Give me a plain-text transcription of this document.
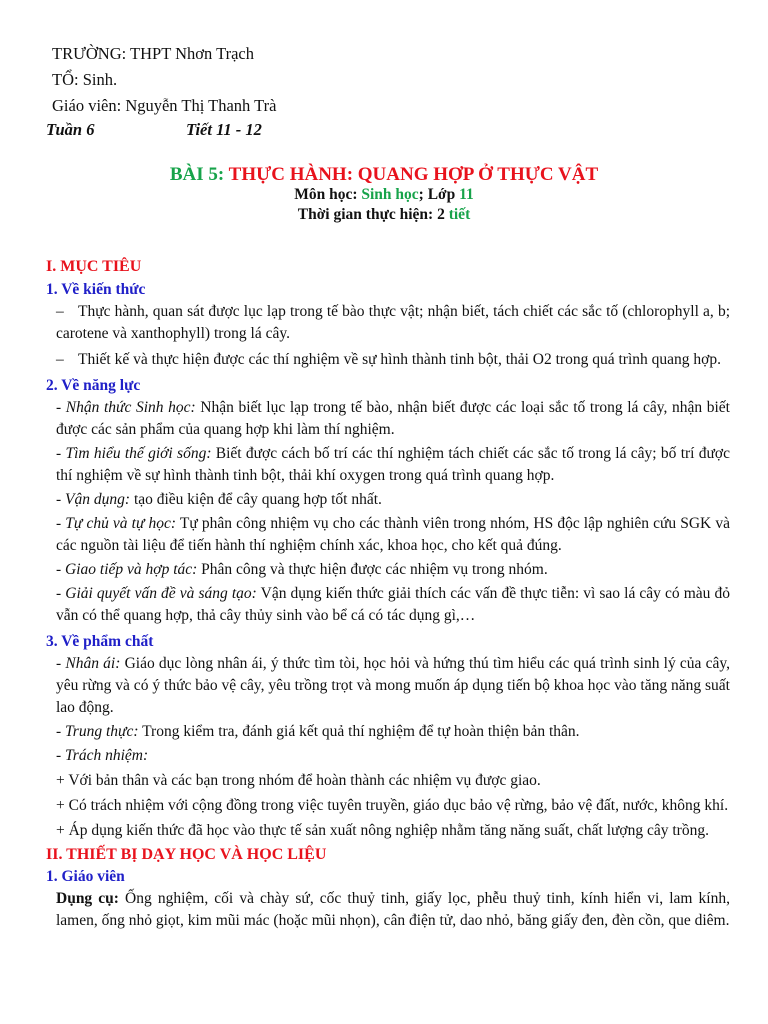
TRƯỜNG: THPT Nhơn Trạch
TỔ: Sinh.
Giáo viên: Nguyễn Thị Thanh Trà
Tuần 6	Tiết 11 - 12
BÀI 5: THỰC HÀNH: QUANG HỢP Ở THỰC VẬT
Môn học: Sinh học; Lớp 11
Thời gian thực hiện: 2 tiết
I. MỤC TIÊU
1. Về kiến thức

– Thực hành, quan sát được lục lạp trong tế bào thực vật; nhận biết, tách chiết các sắc tố (chlorophyll a, b; carotene và xanthophyll) trong lá cây.

– Thiết kế và thực hiện được các thí nghiệm về sự hình thành tinh bột, thải O2 trong quá trình quang hợp.

2. Về năng lực

- Nhận thức Sinh học: Nhận biết lục lạp trong tế bào, nhận biết được các loại sắc tố trong lá cây, nhận biết được các sản phẩm của quang hợp khi làm thí nghiệm.

- Tìm hiểu thế giới sống: Biết được cách bố trí các thí nghiệm tách chiết các sắc tố trong lá cây; bố trí được thí nghiệm về sự hình thành tinh bột, thải khí oxygen trong quá trình quang hợp.

- Vận dụng: tạo điều kiện để cây quang hợp tốt nhất.

- Tự chủ và tự học: Tự phân công nhiệm vụ cho các thành viên trong nhóm, HS độc lập nghiên cứu SGK và các nguồn tài liệu để tiến hành thí nghiệm chính xác, khoa học, cho kết quả đúng.

- Giao tiếp và hợp tác: Phân công và thực hiện được các nhiệm vụ trong nhóm.

- Giải quyết vấn đề và sáng tạo: Vận dụng kiến thức giải thích các vấn đề thực tiễn: vì sao lá cây có màu đỏ vẫn có thể quang hợp, thả cây thủy sinh vào bể cá có tác dụng gì,…

3. Về phẩm chất

- Nhân ái: Giáo dục lòng nhân ái, ý thức tìm tòi, học hỏi và hứng thú tìm hiểu các quá trình sinh lý của cây, yêu rừng và có ý thức bảo vệ cây, yêu trồng trọt và mong muốn áp dụng tiến bộ khoa học vào tăng năng suất lao động.

- Trung thực: Trong kiểm tra, đánh giá kết quả thí nghiệm để tự hoàn thiện bản thân.

- Trách nhiệm:

+ Với bản thân và các bạn trong nhóm để hoàn thành các nhiệm vụ được giao.

+ Có trách nhiệm với cộng đồng trong việc tuyên truyền, giáo dục bảo vệ rừng, bảo vệ đất, nước, không khí.

+ Áp dụng kiến thức đã học vào thực tế sản xuất nông nghiệp nhằm tăng năng suất, chất lượng cây trồng.

II. THIẾT BỊ DẠY HỌC VÀ HỌC LIỆU
1. Giáo viên

Dụng cụ: Ống nghiệm, cối và chày sứ, cốc thuỷ tinh, giấy lọc, phễu thuỷ tinh, kính hiển vi, lam kính, lamen, ống nhỏ giọt, kim mũi mác (hoặc mũi nhọn), cân điện tử, dao nhỏ, băng giấy đen, đèn cồn, que diêm.
